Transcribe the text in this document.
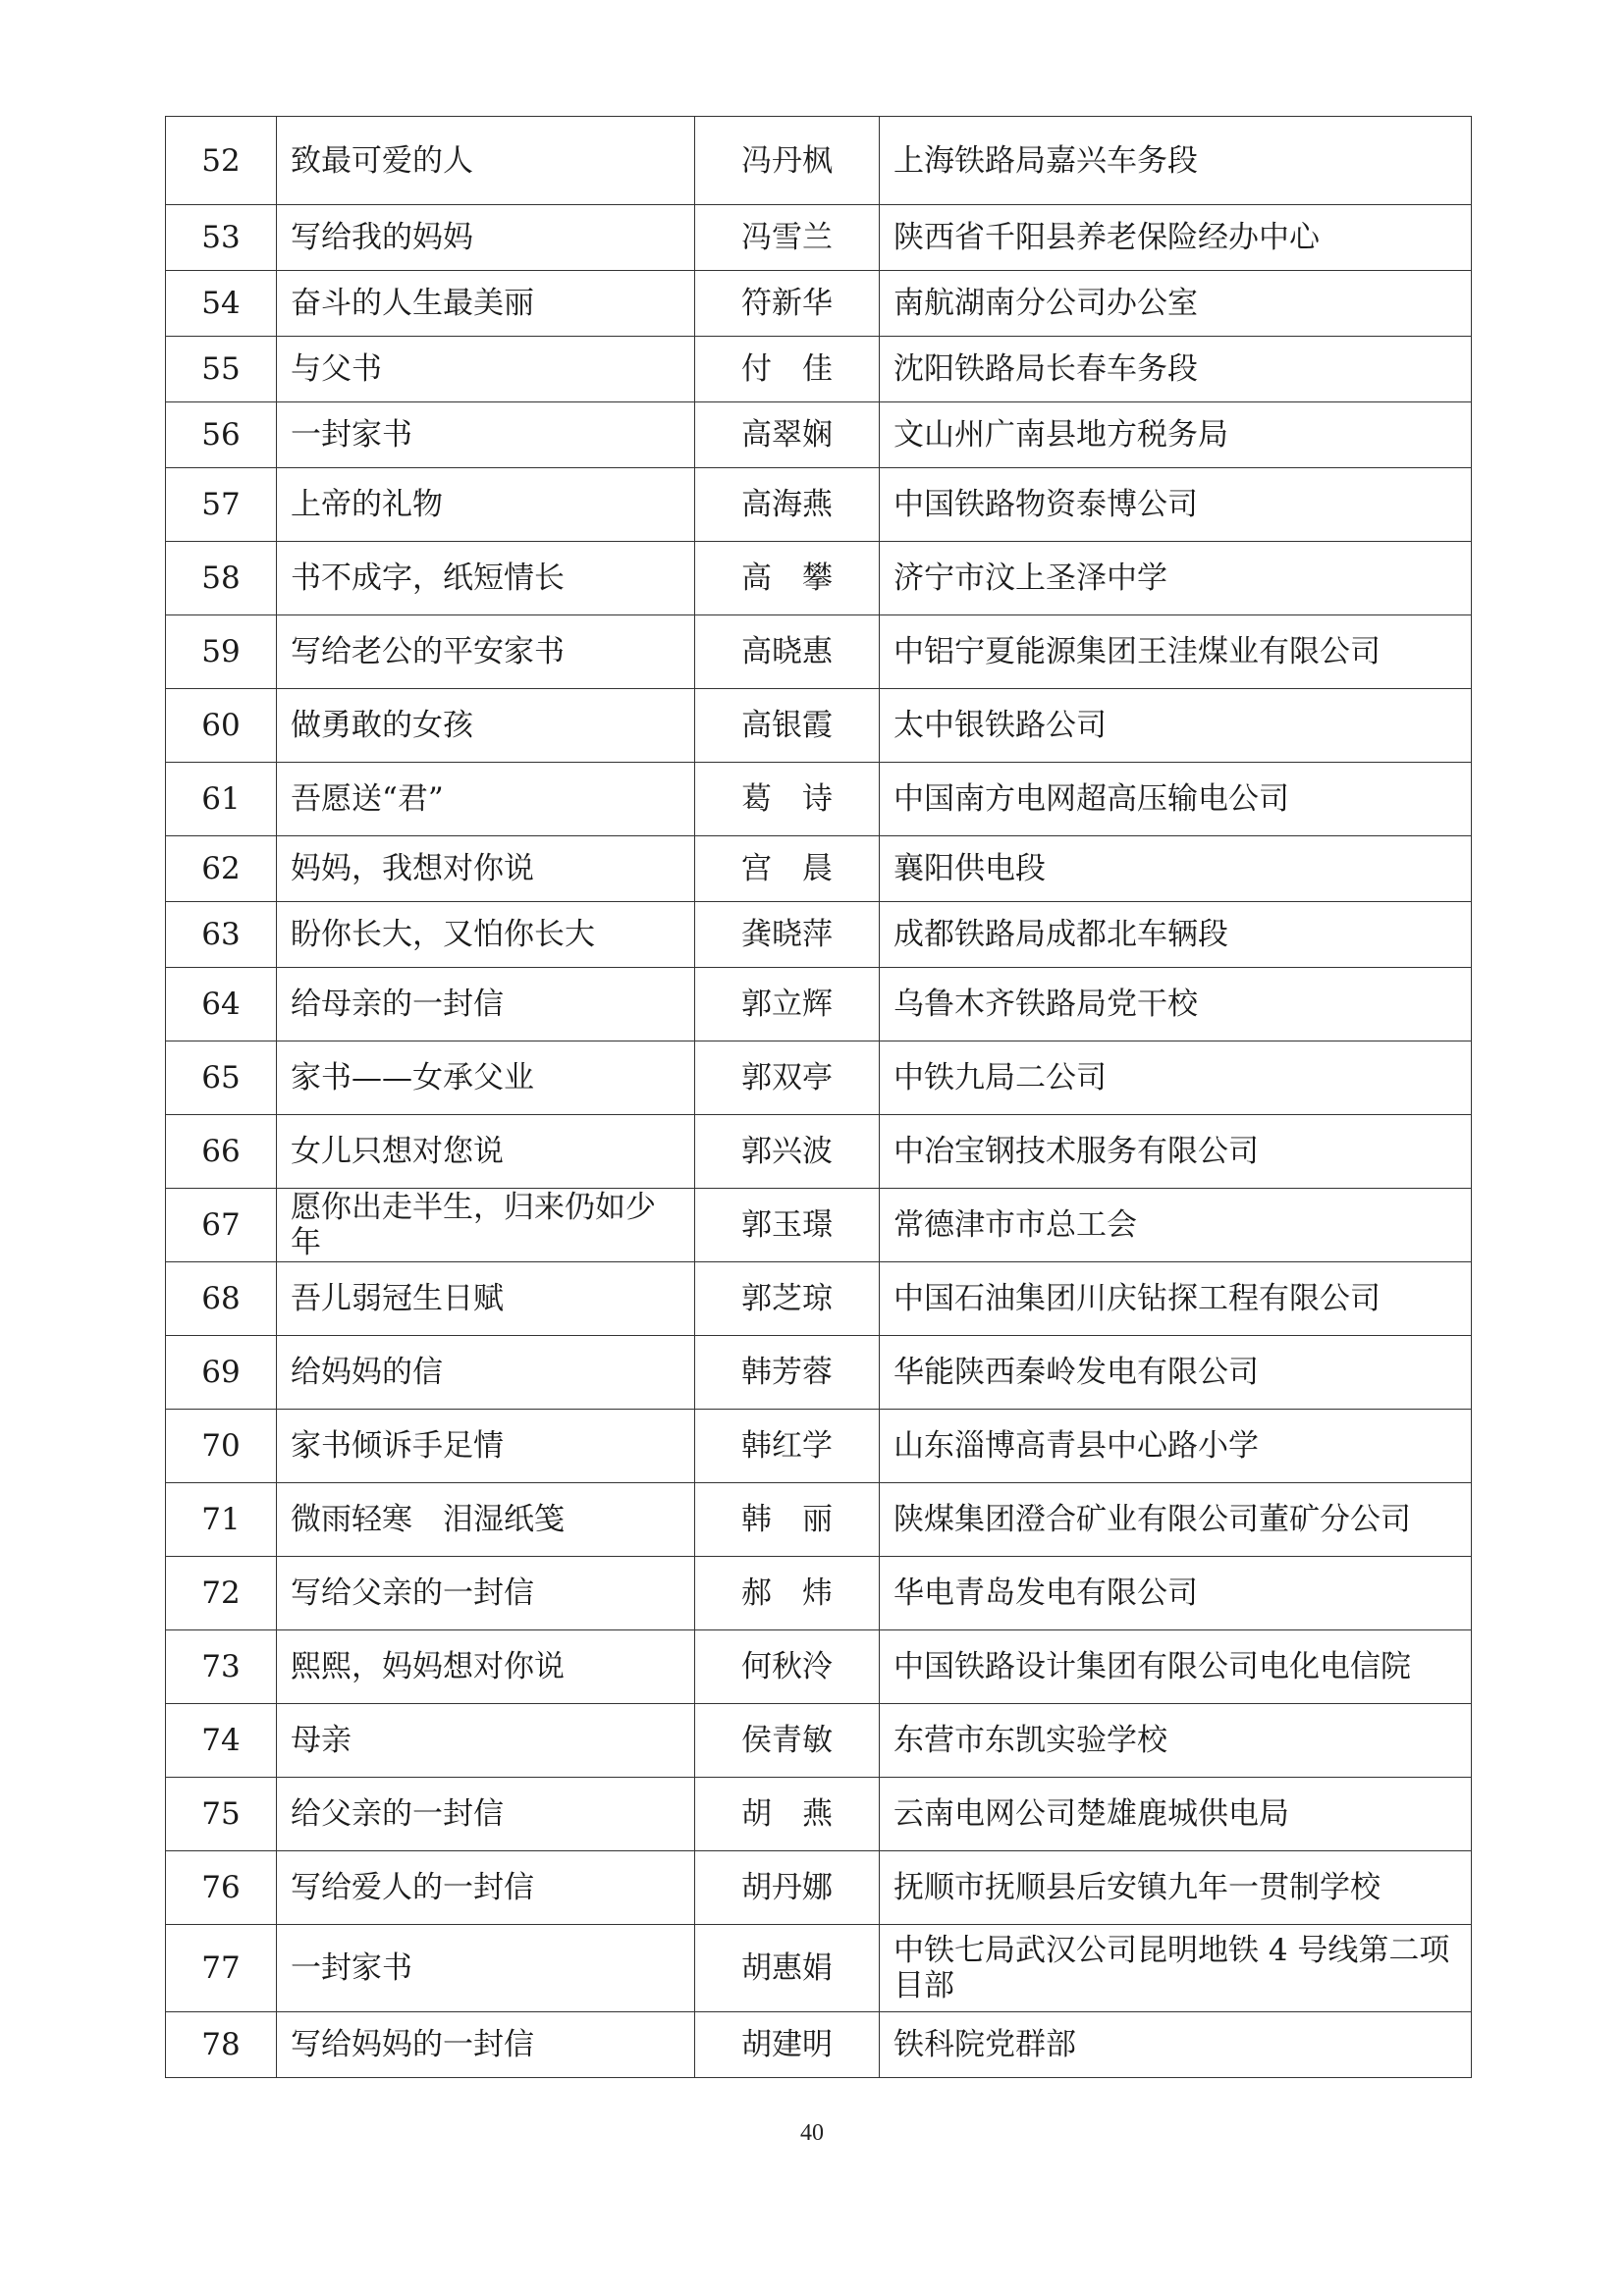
52	致最可爱的人	冯丹枫	上海铁路局嘉兴车务段
53	写给我的妈妈	冯雪兰	陕西省千阳县养老保险经办中心
54	奋斗的人生最美丽	符新华	南航湖南分公司办公室
55	与父书	付　佳	沈阳铁路局长春车务段
56	一封家书	高翠娴	文山州广南县地方税务局
57	上帝的礼物	高海燕	中国铁路物资泰博公司
58	书不成字，纸短情长	高　攀	济宁市汶上圣泽中学
59	写给老公的平安家书	高晓惠	中铝宁夏能源集团王洼煤业有限公司
60	做勇敢的女孩	高银霞	太中银铁路公司
61	吾愿送“君”	葛　诗	中国南方电网超高压输电公司
62	妈妈，我想对你说	宫　晨	襄阳供电段
63	盼你长大，又怕你长大	龚晓萍	成都铁路局成都北车辆段
64	给母亲的一封信	郭立辉	乌鲁木齐铁路局党干校
65	家书——女承父业	郭双亭	中铁九局二公司
66	女儿只想对您说	郭兴波	中冶宝钢技术服务有限公司
67	愿你出走半生，归来仍如少年	郭玉璟	常德津市市总工会
68	吾儿弱冠生日赋	郭芝琼	中国石油集团川庆钻探工程有限公司
69	给妈妈的信	韩芳蓉	华能陕西秦岭发电有限公司
70	家书倾诉手足情	韩红学	山东淄博高青县中心路小学
71	微雨轻寒　泪湿纸笺	韩　丽	陕煤集团澄合矿业有限公司董矿分公司
72	写给父亲的一封信	郝　炜	华电青岛发电有限公司
73	熙熙，妈妈想对你说	何秋泠	中国铁路设计集团有限公司电化电信院
74	母亲	侯青敏	东营市东凯实验学校
75	给父亲的一封信	胡　燕	云南电网公司楚雄鹿城供电局
76	写给爱人的一封信	胡丹娜	抚顺市抚顺县后安镇九年一贯制学校
77	一封家书	胡惠娟	中铁七局武汉公司昆明地铁 4 号线第二项目部
78	写给妈妈的一封信	胡建明	铁科院党群部
40
